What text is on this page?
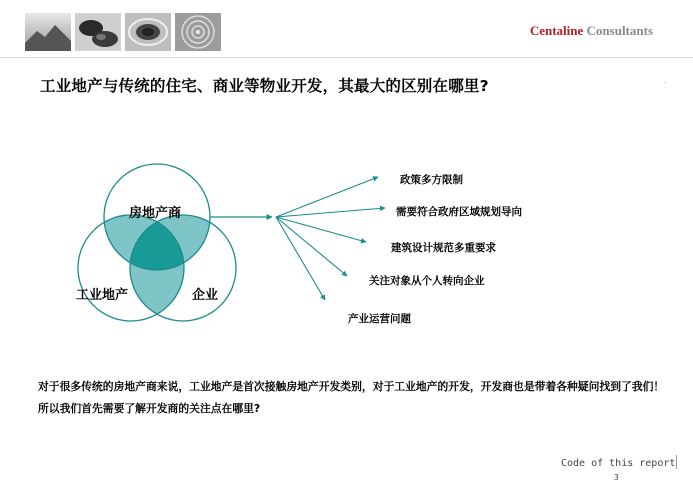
Centaline Consultants
工业地产与传统的住宅、商业等物业开发，其最大的区别在哪里?	.
房地产商
工业地产	企业
政策多方限制
需要符合政府区域规划导向
建筑设计规范多重要求
关注对象从个人转向企业
产业运营问题
对于很多传统的房地产商来说，工业地产是首次接触房地产开发类别，对于工业地产的开发，开发商也是带着各种疑问找到了我们！所以我们首先需要了解开发商的关注点在哪里?
Code of this report
3
